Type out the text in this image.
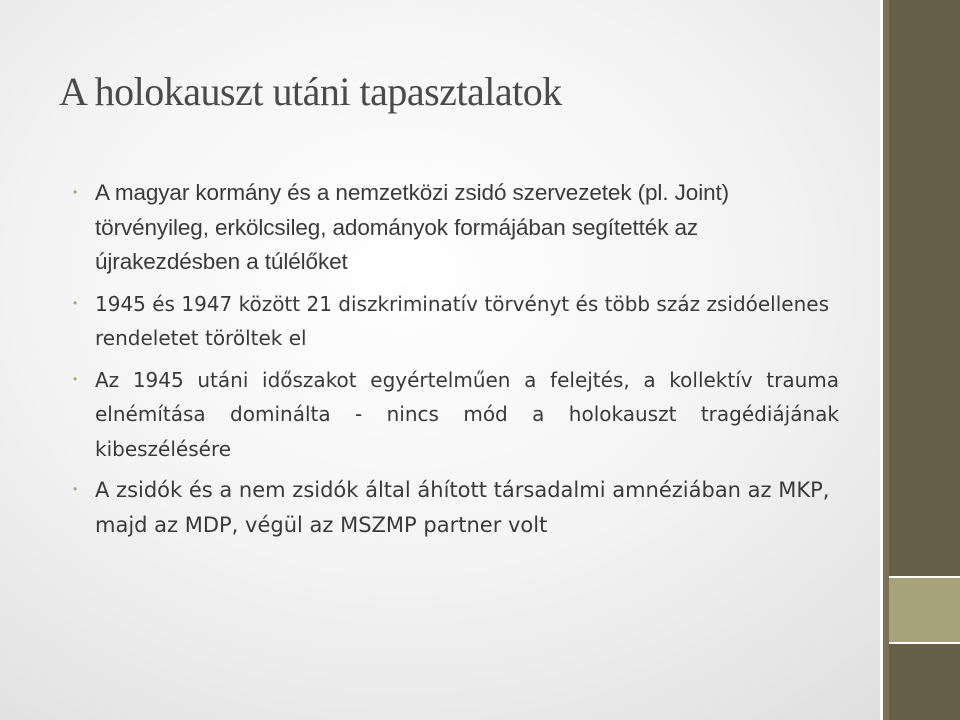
A holokauszt utáni tapasztalatok
• A magyar kormány és a nemzetközi zsidó szervezetek (pl. Joint) törvényileg, erkölcsileg, adományok formájában segítették az újrakezdésben a túlélőket
• 1945 és 1947 között 21 diszkriminatív törvényt és több száz zsidóellenes rendeletet töröltek el
• Az 1945 utáni időszakot egyértelműen a felejtés, a kollektív trauma elnémítása dominálta - nincs mód a holokauszt tragédiájának kibeszélésére
• A zsidók és a nem zsidók által áhított társadalmi amnéziában az MKP, majd az MDP, végül az MSZMP partner volt
